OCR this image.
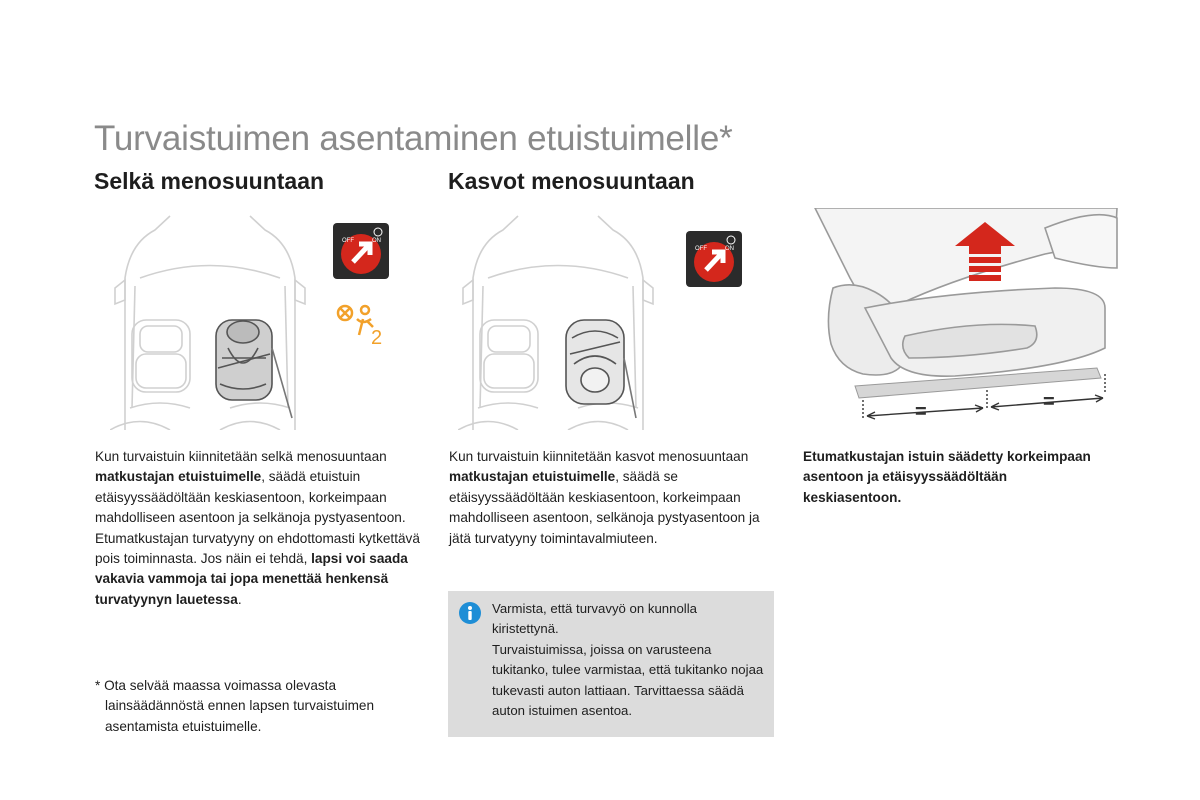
Turvaistuimen asentaminen etuistuimelle*
Selkä menosuuntaan	Kasvot menosuuntaan
OFF	ON
2
OFF	ON
=	=
Kun turvaistuin kiinnitetään selkä menosuuntaan matkustajan etuistuimelle, säädä etuistuin etäisyyssäädöltään keskiasentoon, korkeimpaan mahdolliseen asentoon ja selkänoja pystyasentoon. Etumatkustajan turvatyyny on ehdottomasti kytkettävä pois toiminnasta. Jos näin ei tehdä, lapsi voi saada vakavia vammoja tai jopa menettää henkensä turvatyynyn lauetessa.
Kun turvaistuin kiinnitetään kasvot menosuuntaan matkustajan etuistuimelle, säädä se etäisyyssäädöltään keskiasentoon, korkeimpaan mahdolliseen asentoon, selkänoja pystyasentoon ja jätä turvatyyny toimintavalmiuteen.
Etumatkustajan istuin säädetty korkeimpaan asentoon ja etäisyyssäädöltään keskiasentoon.
* Ota selvää maassa voimassa olevasta
lainsäädännöstä ennen lapsen turvaistuimen
asentamista etuistuimelle.
Varmista, että turvavyö on kunnolla kiristettynä.
Turvaistuimissa, joissa on varusteena tukitanko, tulee varmistaa, että tukitanko nojaa tukevasti auton lattiaan. Tarvittaessa säädä auton istuimen asentoa.
